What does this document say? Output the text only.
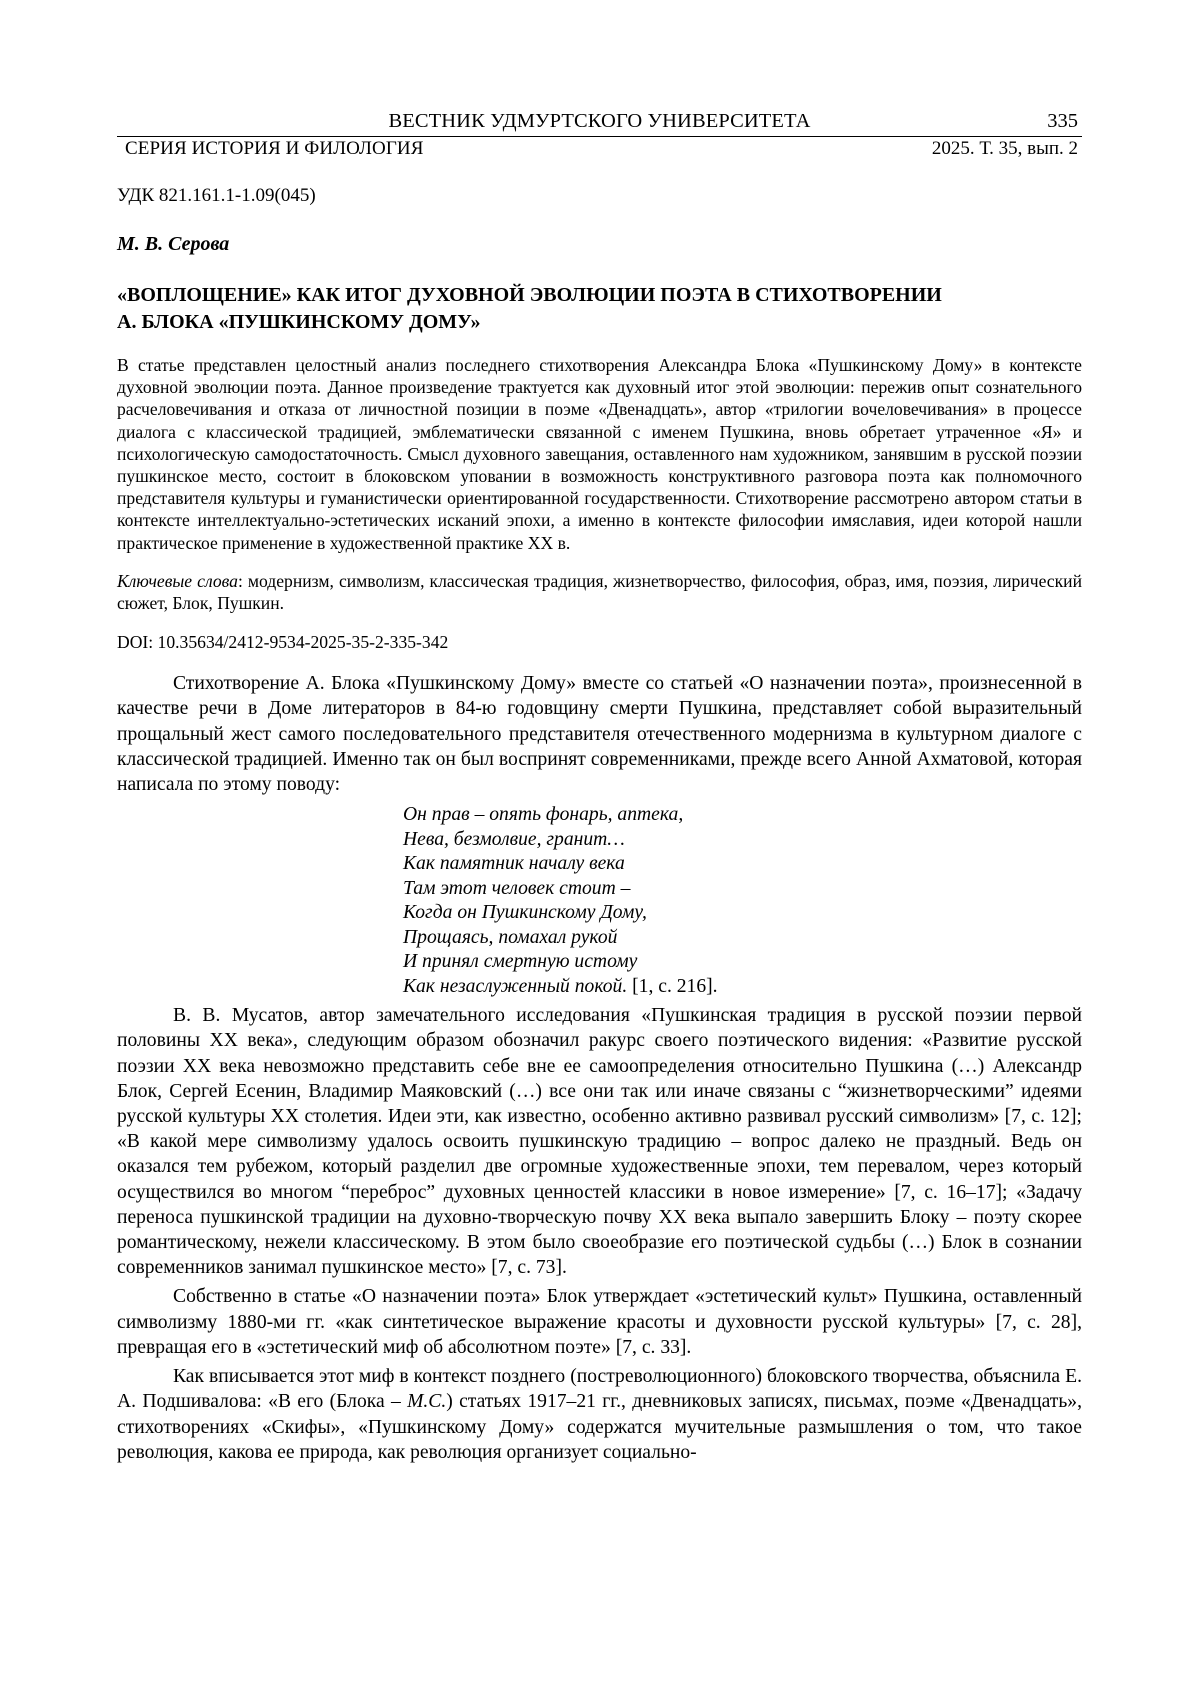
ВЕСТНИК УДМУРТСКОГО УНИВЕРСИТЕТА	335
СЕРИЯ ИСТОРИЯ И ФИЛОЛОГИЯ	2025. Т. 35, вып. 2
УДК 821.161.1-1.09(045)
М. В. Серова
«ВОПЛОЩЕНИЕ» КАК ИТОГ ДУХОВНОЙ ЭВОЛЮЦИИ ПОЭТА В СТИХОТВОРЕНИИ
А. БЛОКА «ПУШКИНСКОМУ ДОМУ»
В статье представлен целостный анализ последнего стихотворения Александра Блока «Пушкинскому Дому» в контексте духовной эволюции поэта. Данное произведение трактуется как духовный итог этой эволюции: пережив опыт сознательного расчеловечивания и отказа от личностной позиции в поэме «Двенадцать», автор «трилогии вочеловечивания» в процессе диалога с классической традицией, эмблематически связанной с именем Пушкина, вновь обретает утраченное «Я» и психологическую самодостаточность. Смысл духовного завещания, оставленного нам художником, занявшим в русской поэзии пушкинское место, состоит в блоковском уповании в возможность конструктивного разговора поэта как полномочного представителя культуры и гуманистически ориентированной государственности. Стихотворение рассмотрено автором статьи в контексте интеллектуально-эстетических исканий эпохи, а именно в контексте философии имяславия, идеи которой нашли практическое применение в художественной практике XX в.
Ключевые слова: модернизм, символизм, классическая традиция, жизнетворчество, философия, образ, имя, поэзия, лирический сюжет, Блок, Пушкин.
DOI: 10.35634/2412-9534-2025-35-2-335-342

Стихотворение А. Блока «Пушкинскому Дому» вместе со статьей «О назначении поэта», произнесенной в качестве речи в Доме литераторов в 84-ю годовщину смерти Пушкина, представляет собой выразительный прощальный жест самого последовательного представителя отечественного модернизма в культурном диалоге с классической традицией. Именно так он был воспринят современниками, прежде всего Анной Ахматовой, которая написала по этому поводу:

Он прав – опять фонарь, аптека,
Нева, безмолвие, гранит…
Как памятник началу века
Там этот человек стоит –
Когда он Пушкинскому Дому,
Прощаясь, помахал рукой
И принял смертную истому
Как незаслуженный покой. [1, с. 216].

В. В. Мусатов, автор замечательного исследования «Пушкинская традиция в русской поэзии первой половины XX века», следующим образом обозначил ракурс своего поэтического видения: «Развитие русской поэзии XX века невозможно представить себе вне ее самоопределения относительно Пушкина (…) Александр Блок, Сергей Есенин, Владимир Маяковский (…) все они так или иначе связаны с “жизнетворческими” идеями русской культуры XX столетия. Идеи эти, как известно, особенно активно развивал русский символизм» [7, с. 12]; «В какой мере символизму удалось освоить пушкинскую традицию – вопрос далеко не праздный. Ведь он оказался тем рубежом, который разделил две огромные художественные эпохи, тем перевалом, через который осуществился во многом “переброс” духовных ценностей классики в новое измерение» [7, с. 16–17]; «Задачу переноса пушкинской традиции на духовно-творческую почву XX века выпало завершить Блоку – поэту скорее романтическому, нежели классическому. В этом было своеобразие его поэтической судьбы (…) Блок в сознании современников занимал пушкинское место» [7, с. 73].

Собственно в статье «О назначении поэта» Блок утверждает «эстетический культ» Пушкина, оставленный символизму 1880-ми гг. «как синтетическое выражение красоты и духовности русской культуры» [7, с. 28], превращая его в «эстетический миф об абсолютном поэте» [7, с. 33].

Как вписывается этот миф в контекст позднего (постреволюционного) блоковского творчества, объяснила Е. А. Подшивалова: «В его (Блока – М.С.) статьях 1917–21 гг., дневниковых записях, письмах, поэме «Двенадцать», стихотворениях «Скифы», «Пушкинскому Дому» содержатся мучительные размышления о том, что такое революция, какова ее природа, как революция организует социально-
